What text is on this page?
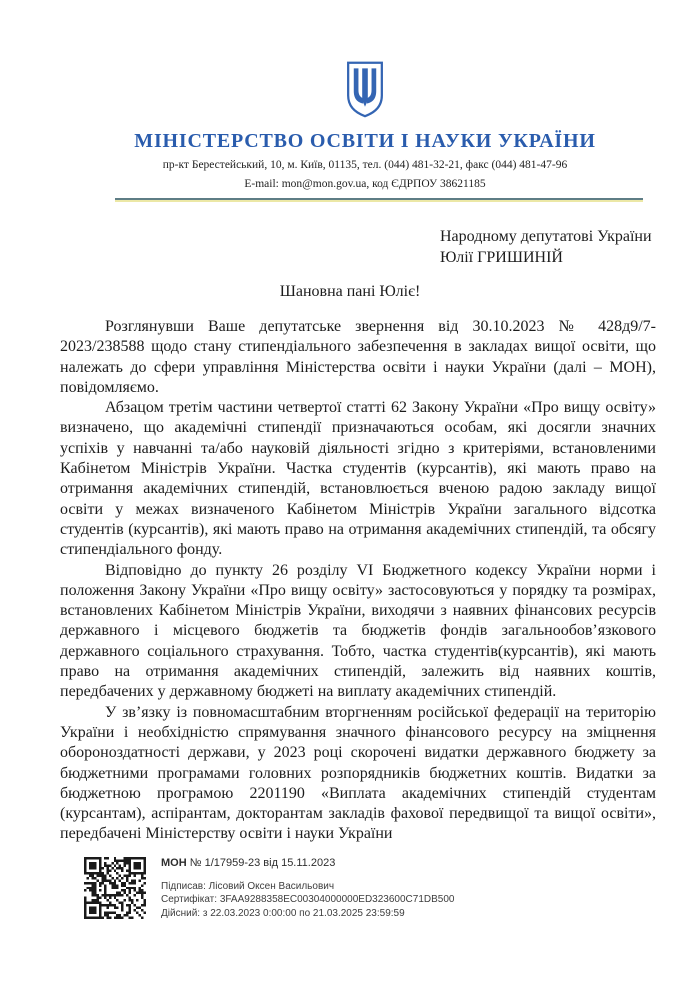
МІНІСТЕРСТВО ОСВІТИ І НАУКИ УКРАЇНИ
пр-кт Берестейський, 10, м. Київ, 01135, тел. (044) 481-32-21, факс (044) 481-47-96
E-mail: mon@mon.gov.ua, код ЄДРПОУ 38621185
Народному депутатові України
Юлії ГРИШИНІЙ
Шановна пані Юліє!

Розглянувши Ваше депутатське звернення від 30.10.2023 № 428д9/7-2023/238588 щодо стану стипендіального забезпечення в закладах вищої освіти, що належать до сфери управління Міністерства освіти і науки України (далі – МОН), повідомляємо.

Абзацом третім частини четвертої статті 62 Закону України «Про вищу освіту» визначено, що академічні стипендії призначаються особам, які досягли значних успіхів у навчанні та/або науковій діяльності згідно з критеріями, встановленими Кабінетом Міністрів України. Частка студентів (курсантів), які мають право на отримання академічних стипендій, встановлюється вченою радою закладу вищої освіти у межах визначеного Кабінетом Міністрів України загального відсотка студентів (курсантів), які мають право на отримання академічних стипендій, та обсягу стипендіального фонду.

Відповідно до пункту 26 розділу VI Бюджетного кодексу України норми і положення Закону України «Про вищу освіту» застосовуються у порядку та розмірах, встановлених Кабінетом Міністрів України, виходячи з наявних фінансових ресурсів державного і місцевого бюджетів та бюджетів фондів загальнообов’язкового державного соціального страхування. Тобто, частка студентів(курсантів), які мають право на отримання академічних стипендій, залежить від наявних коштів, передбачених у державному бюджеті на виплату академічних стипендій.

У зв’язку із повномасштабним вторгненням російської федерації на територію України і необхідністю спрямування значного фінансового ресурсу на зміцнення обороноздатності держави, у 2023 році скорочені видатки державного бюджету за бюджетними програмами головних розпорядників бюджетних коштів. Видатки за бюджетною програмою 2201190 «Виплата академічних стипендій студентам (курсантам), аспірантам, докторантам закладів фахової передвищої та вищої освіти», передбачені Міністерству освіти і науки України

МОН № 1/17959-23 від 15.11.2023
Підписав: Лісовий Оксен Васильович
Сертифікат: 3FAA9288358EC00304000000ED323600C71DB500
Дійсний: з 22.03.2023 0:00:00 по 21.03.2025 23:59:59
